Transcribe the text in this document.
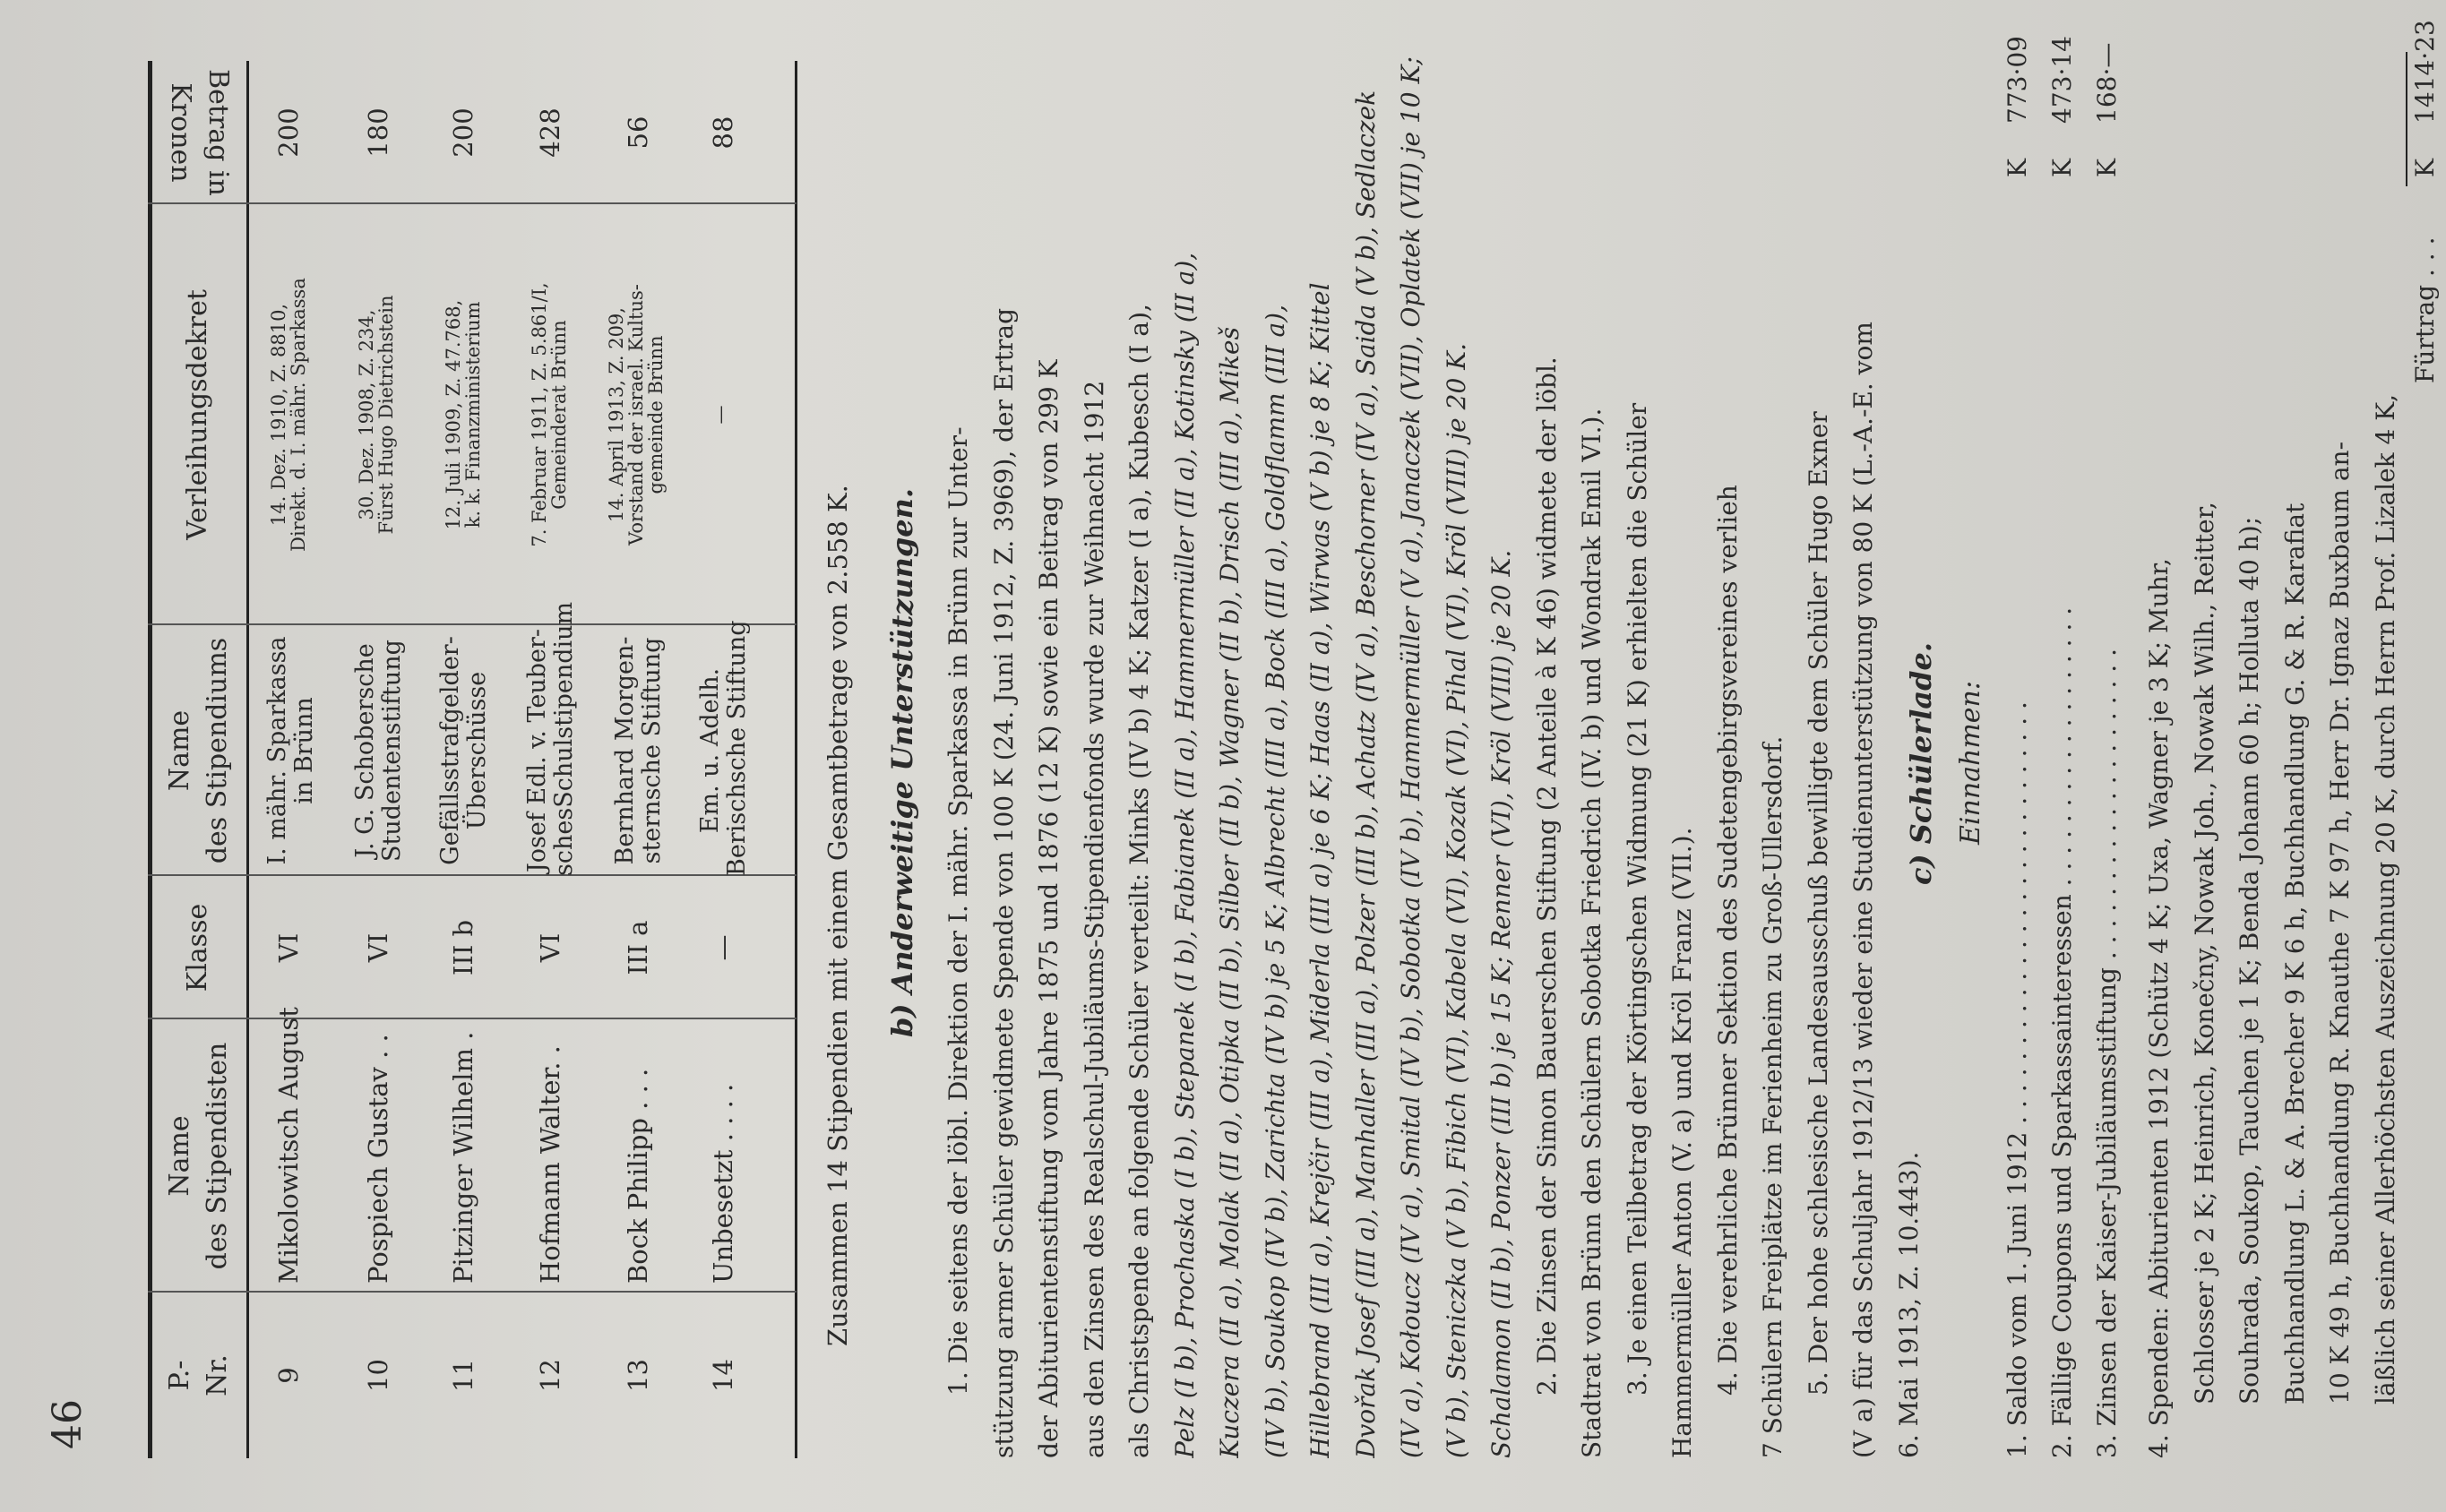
46
P.-
Nr.
Name
des Stipendisten
Klasse
Name
des Stipendiums
Verleihungsdekret
Betrag in
Kronen
9
Mikolowitsch August
VI
I. mähr. Sparkassa
in Brünn
14. Dez. 1910, Z. 8810,
Direkt. d. I. mähr. Sparkassa
200
10
Pospiech Gustav . .
VI
J. G. Schobersche
Studentenstiftung
30. Dez. 1908, Z. 234,
Fürst Hugo Dietrichstein
180
11
Pitzinger Wilhelm .
III b
Gefällsstrafgelder-
Überschüsse
12. Juli 1909, Z. 47.768,
k. k. Finanzministerium
200
12
Hofmann Walter. .
VI
Josef Edl. v. Teuber-
schesSchulstipendium
7. Februar 1911, Z. 5.861/I,
Gemeinderat Brünn
428
13
Bock Philipp . . .
III a
Bernhard Morgen-
sternsche Stiftung
14. April 1913, Z. 209,
Vorstand der israel. Kultus-
gemeinde Brünn
56
14
Unbesetzt . . . .
—
Em. u. Adelh.
Berischsche Stiftung
—
88
Zusammen 14 Stipendien mit einem Gesamtbetrage von 2.558 K. b) Anderweitige Unterstützungen. 1. Die seitens der löbl. Direktion der I. mähr. Sparkassa in Brünn zur Unter- stützung armer Schüler gewidmete Spende von 100 K (24. Juni 1912, Z. 3969), der Ertrag der Abiturientenstiftung vom Jahre 1875 und 1876 (12 K) sowie ein Beitrag von 299 K aus den Zinsen des Realschul-Jubiläums-Stipendienfonds wurde zur Weihnacht 1912 als Christspende an folgende Schüler verteilt: Minks (IV b) 4 K; Katzer (I a), Kubesch (I a), Pelz (I b), Prochaska (I b), Stepanek (I b), Fabianek (II a), Hammermüller (II a), Kotinsky (II a), Kuczera (II a), Molak (II a), Otipka (II b), Silber (II b), Wagner (II b), Drisch (III a), Mikeš (IV b), Soukop (IV b), Zarichta (IV b) je 5 K; Albrecht (III a), Bock (III a), Goldflamm (III a), Hillebrand (III a), Krejčir (III a), Miderla (III a) je 6 K; Haas (II a), Wirwas (V b) je 8 K; Kittel Dvořak Josef (III a), Manhaller (III a), Polzer (III b), Achatz (IV a), Beschorner (IV a), Saida (V b), Sedlaczek (IV a), Kołoucz (IV a), Smital (IV b), Sobotka (IV b), Hammermüller (V a), Janaczek (VII), Oplatek (VII) je 10 K; (V b), Steniczka (V b), Fibich (VI), Kabela (VI), Kozak (VI), Pihal (VI), Kröl (VIII) je 20 K. Schalamon (II b), Ponzer (III b) je 15 K; Renner (VI), Kröl (VIII) je 20 K. 2. Die Zinsen der Simon Bauerschen Stiftung (2 Anteile à K 46) widmete der löbl. Stadtrat von Brünn den Schülern Sobotka Friedrich (IV. b) und Wondrak Emil VI.). 3. Je einen Teilbetrag der Körtingschen Widmung (21 K) erhielten die Schüler Hammermüller Anton (V. a) und Kröl Franz (VII.). 4. Die verehrliche Brünner Sektion des Sudetengebirgsvereines verlieh 7 Schülern Freiplätze im Ferienheim zu Groß-Ullersdorf. 5. Der hohe schlesische Landesausschuß bewilligte dem Schüler Hugo Exner (V a) für das Schuljahr 1912/13 wieder eine Studienunterstützung von 80 K (L.-A.-E. vom 6. Mai 1913, Z. 10.443).
c) Schülerlade. Einnahmen: 1. Saldo vom 1. Juni 1912 . . . . . . . . . . . . . . . . . . . . . . . . . . .
K
773·09
2. Fällige Coupons und Sparkassainteressen . . . . . . . . . . . . . . . . . .
K
473·14
3. Zinsen der Kaiser-Jubiläumsstiftung . . . . . . . . . . . . . . . . . . . .
K
168·—
4. Spenden: Abiturienten 1912 (Schütz 4 K; Uxa, Wagner je 3 K; Muhr, Schlosser je 2 K; Heinrich, Konečny, Nowak Joh., Nowak Wilh., Reitter, Souhrada, Soukop, Tauchen je 1 K; Benda Johann 60 h; Holluta 40 h); Buchhandlung L. & A. Brecher 9 K 6 h, Buchhandlung G. & R. Karafiat 10 K 49 h, Buchhandlung R. Knauthe 7 K 97 h, Herr Dr. Ignaz Buxbaum an- läßlich seiner Allerhöchsten Auszeichnung 20 K, durch Herrn Prof. Lizalek 4 K,
Fürtrag . . .
K
1414·23
